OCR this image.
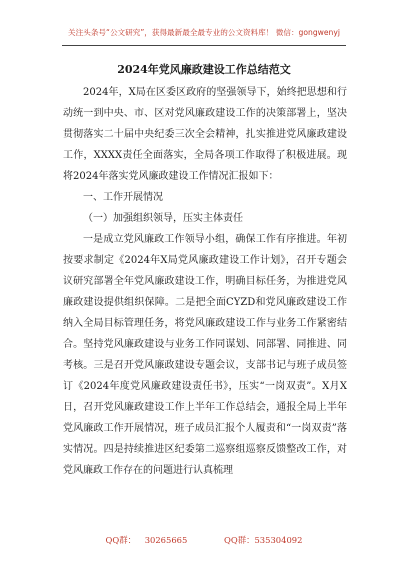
关注头条号“公文研究”，获得最新最全最专业的公文资料库！ 微信：gongwenyj
2024年党风廉政建设工作总结范文

2024年，X局在区委区政府的坚强领导下，始终把思想和行动统一到中央、市、区对党风廉政建设工作的决策部署上，坚决贯彻落实二十届中央纪委三次全会精神，扎实推进党风廉政建设工作，XXXX责任全面落实，全局各项工作取得了积极进展。现将2024年落实党风廉政建设工作情况汇报如下：

一、工作开展情况

（一）加强组织领导，压实主体责任

一是成立党风廉政工作领导小组，确保工作有序推进。年初按要求制定《2024年X局党风廉政建设工作计划》，召开专题会议研究部署全年党风廉政建设工作，明确目标任务，为推进党风廉政建设提供组织保障。二是把全面CYZD和党风廉政建设工作纳入全局目标管理任务，将党风廉政建设工作与业务工作紧密结合。坚持党风廉政建设与业务工作同谋划、同部署、同推进、同考核。三是召开党风廉政建设专题会议，支部书记与班子成员签订《2024年度党风廉政建设责任书》，压实“一岗双责”。X月X日，召开党风廉政建设工作上半年工作总结会，通报全局上半年党风廉政工作开展情况，班子成员汇报个人履责和“一岗双责”落实情况。四是持续推进区纪委第二巡察组巡察反馈整改工作，对党风廉政工作存在的问题进行认真梳理

QQ群： 30265665	QQ群：535304092
